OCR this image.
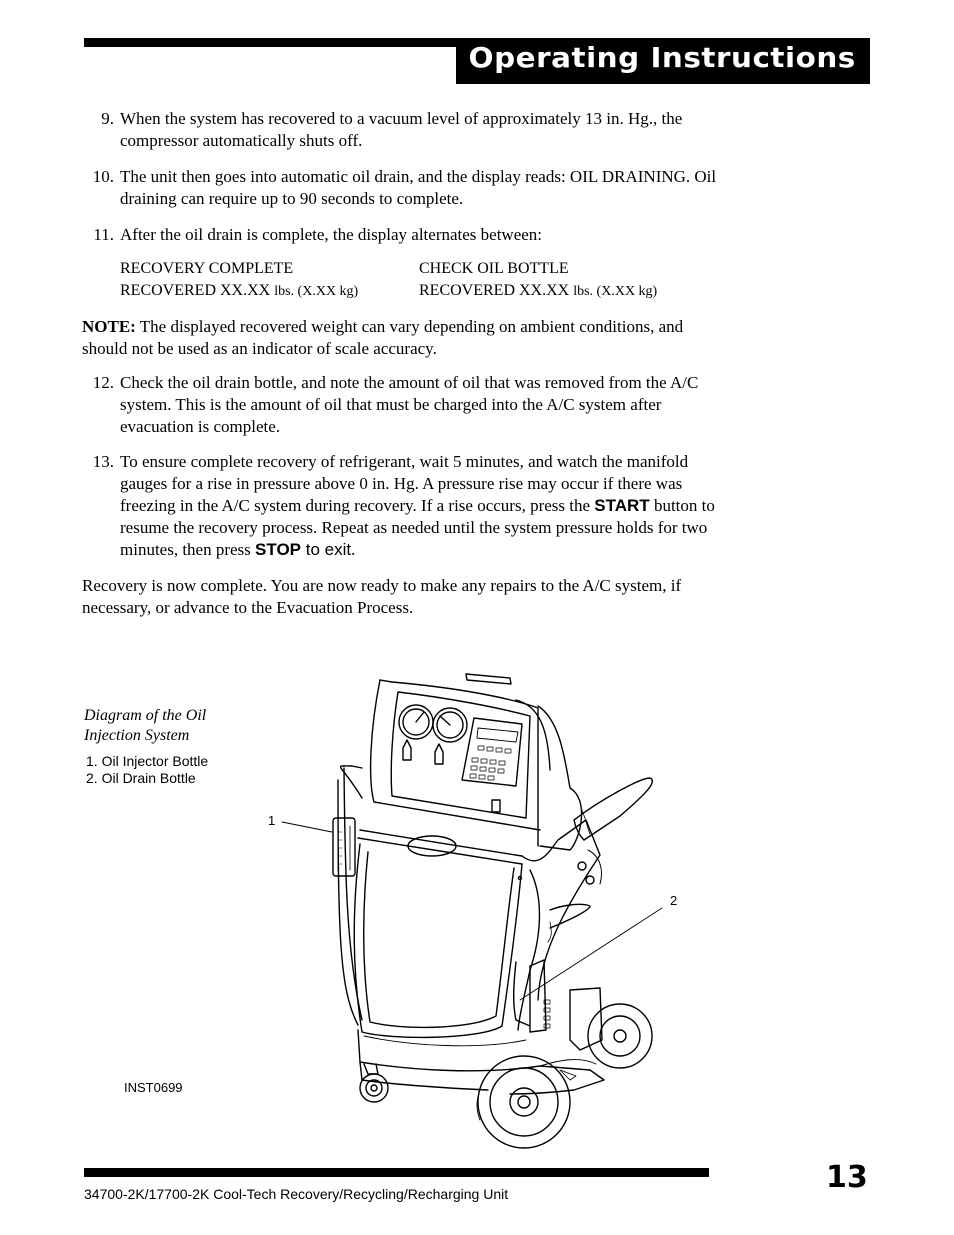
Operating Instructions
9. When the system has recovered to a vacuum level of approximately 13 in. Hg., the compressor automatically shuts off.
10. The unit then goes into automatic oil drain, and the display reads: OIL DRAINING. Oil draining can require up to 90 seconds to complete.
11. After the oil drain is complete, the display alternates between:
RECOVERY COMPLETE
RECOVERED XX.XX lbs. (X.XX kg)
CHECK OIL BOTTLE
RECOVERED XX.XX lbs. (X.XX kg)
NOTE: The displayed recovered weight can vary depending on ambient conditions, and should not be used as an indicator of scale accuracy.
12. Check the oil drain bottle, and note the amount of oil that was removed from the A/C system. This is the amount of oil that must be charged into the A/C system after evacuation is complete.
13. To ensure complete recovery of refrigerant, wait 5 minutes, and watch the manifold gauges for a rise in pressure above 0 in. Hg. A pressure rise may occur if there was freezing in the A/C system during recovery. If a rise occurs, press the START button to resume the recovery process. Repeat as needed until the system pressure holds for two minutes, then press STOP to exit.
Recovery is now complete. You are now ready to make any repairs to the A/C system, if necessary, or advance to the Evacuation Process.
Diagram of the Oil
Injection System
1. Oil Injector Bottle
2. Oil Drain Bottle
1
2
INST0699
13
34700-2K/17700-2K Cool-Tech Recovery/Recycling/Recharging Unit
